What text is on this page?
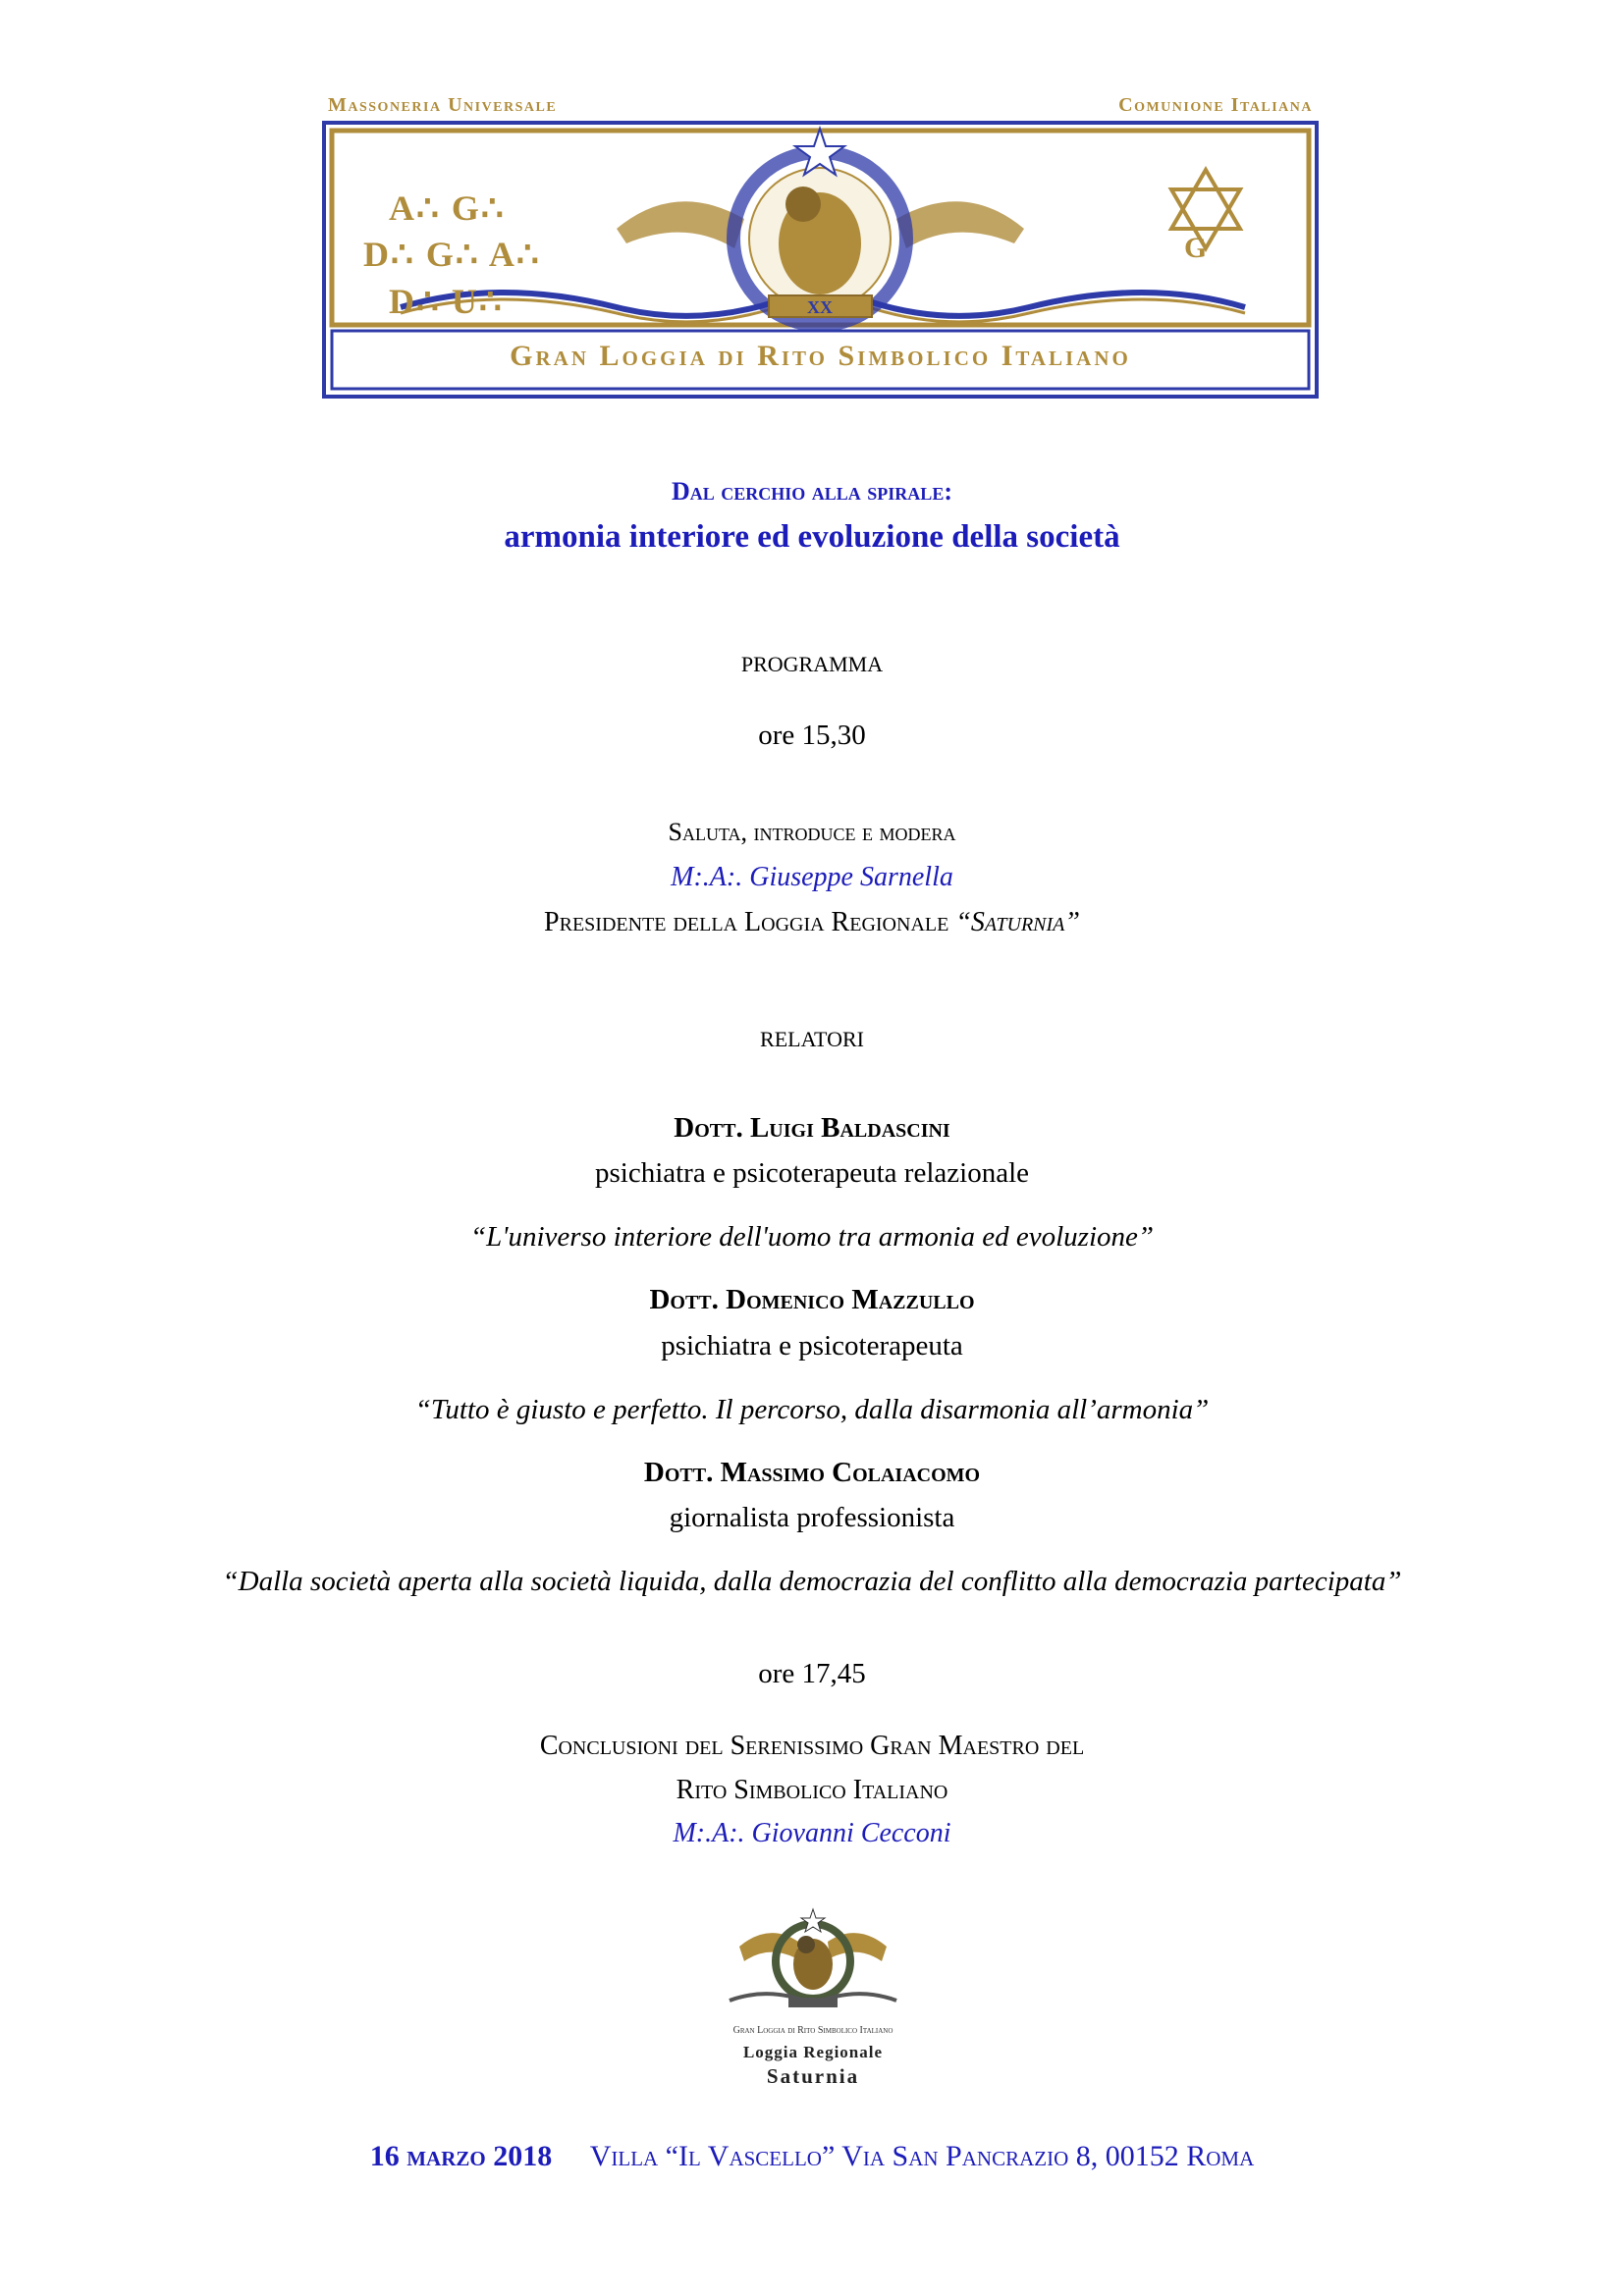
Massoneria Universale	Comunione Italiana
XX
A∴ G∴
D∴ G∴ A∴
D∴ U∴
G
Gran Loggia di Rito Simbolico Italiano
Dal cerchio alla spirale:
armonia interiore ed evoluzione della società
PROGRAMMA
ore 15,30
Saluta, introduce e modera
M:.A:. Giuseppe Sarnella
Presidente della Loggia Regionale “Saturnia”
RELATORI
Dott. Luigi Baldascini
psichiatra e psicoterapeuta relazionale
“L'universo interiore dell'uomo tra armonia ed evoluzione”
Dott. Domenico Mazzullo
psichiatra e psicoterapeuta
“Tutto è giusto e perfetto. Il percorso, dalla disarmonia all’armonia”
Dott. Massimo Colaiacomo
giornalista professionista
“Dalla società aperta alla società liquida, dalla democrazia del conflitto alla democrazia partecipata”
ore 17,45
Conclusioni del Serenissimo Gran Maestro del
Rito Simbolico Italiano
M:.A:. Giovanni Cecconi
Gran Loggia di Rito Simbolico Italiano
Loggia Regionale
Saturnia
16 marzo 2018 Villa “Il Vascello” Via San Pancrazio 8, 00152 Roma
